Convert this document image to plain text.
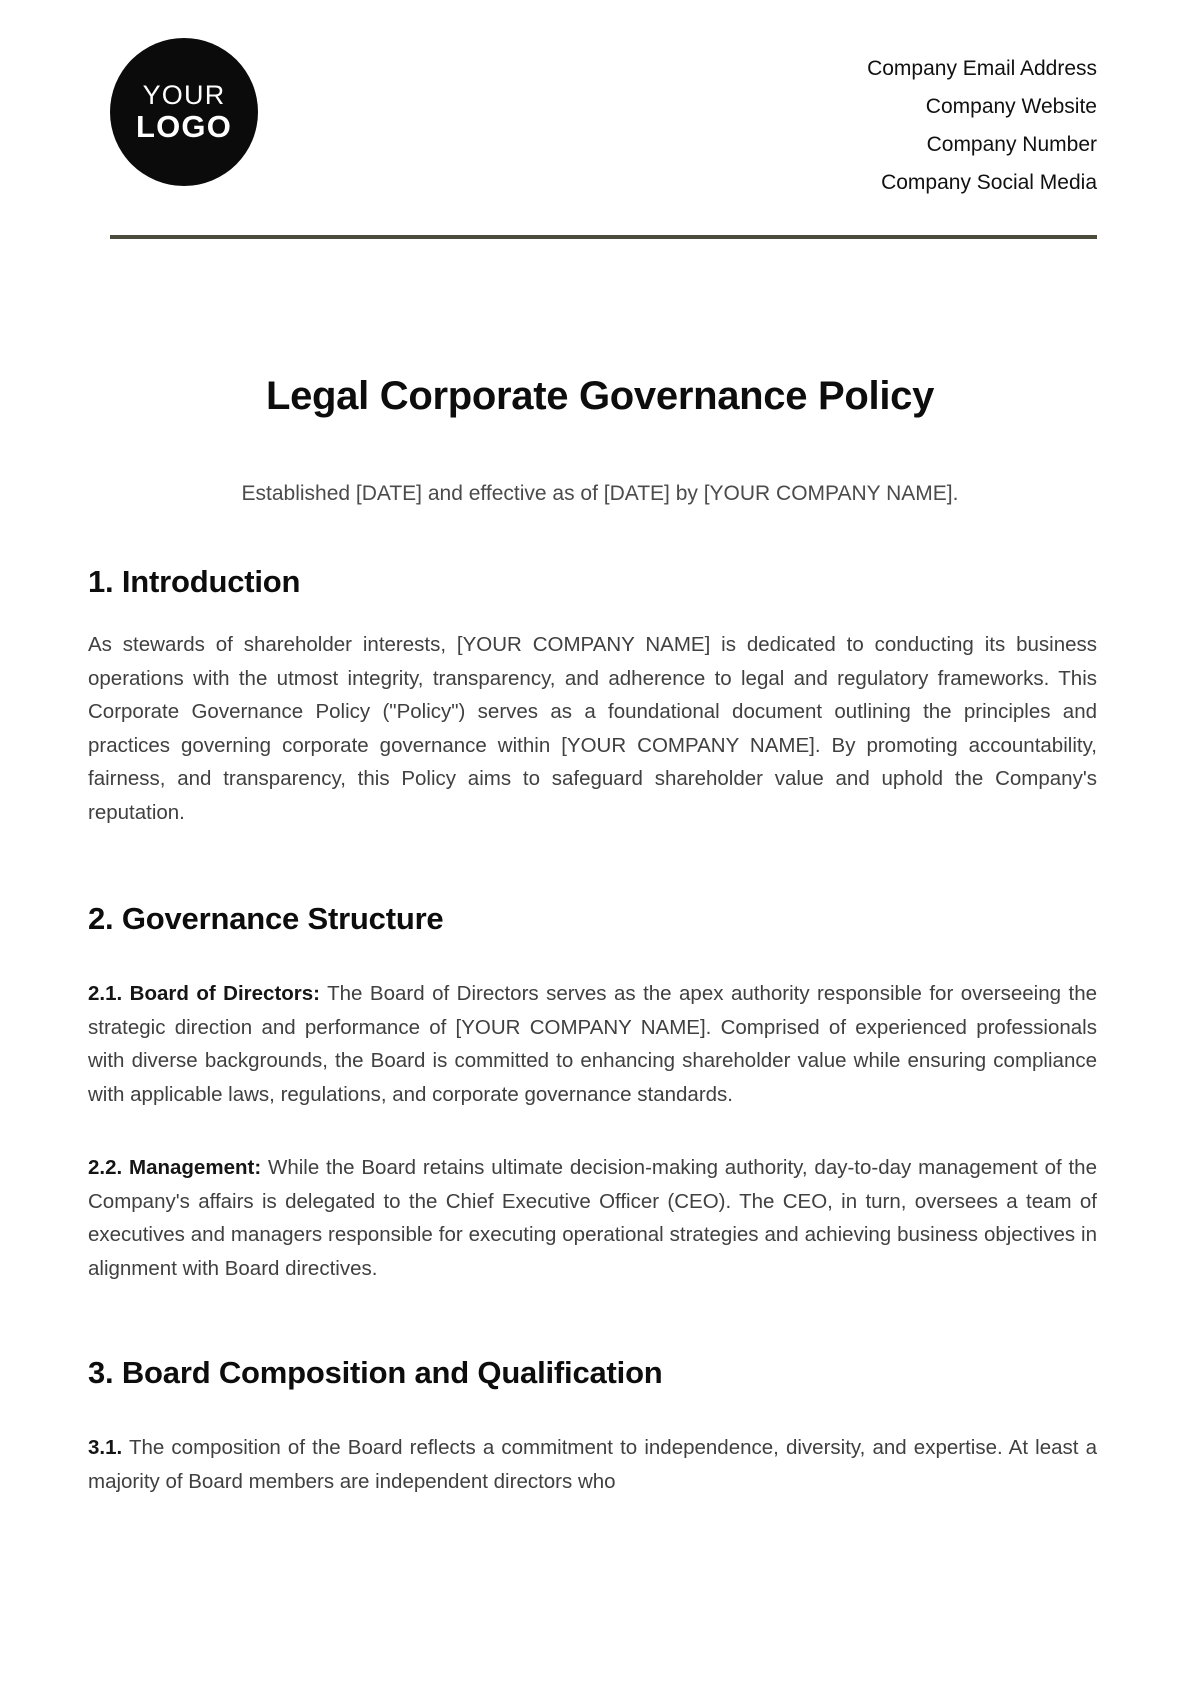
YOUR
LOGO
Company Email Address
Company Website
Company Number
Company Social Media
Legal Corporate Governance Policy
Established [DATE] and effective as of [DATE] by [YOUR COMPANY NAME].
1. Introduction

As stewards of shareholder interests, [YOUR COMPANY NAME] is dedicated to conducting its business operations with the utmost integrity, transparency, and adherence to legal and regulatory frameworks. This Corporate Governance Policy ("Policy") serves as a foundational document outlining the principles and practices governing corporate governance within [YOUR COMPANY NAME]. By promoting accountability, fairness, and transparency, this Policy aims to safeguard shareholder value and uphold the Company's reputation.

2. Governance Structure

2.1. Board of Directors: The Board of Directors serves as the apex authority responsible for overseeing the strategic direction and performance of [YOUR COMPANY NAME]. Comprised of experienced professionals with diverse backgrounds, the Board is committed to enhancing shareholder value while ensuring compliance with applicable laws, regulations, and corporate governance standards.

2.2. Management: While the Board retains ultimate decision-making authority, day-to-day management of the Company's affairs is delegated to the Chief Executive Officer (CEO). The CEO, in turn, oversees a team of executives and managers responsible for executing operational strategies and achieving business objectives in alignment with Board directives.

3. Board Composition and Qualification

3.1. The composition of the Board reflects a commitment to independence, diversity, and expertise. At least a majority of Board members are independent directors who
